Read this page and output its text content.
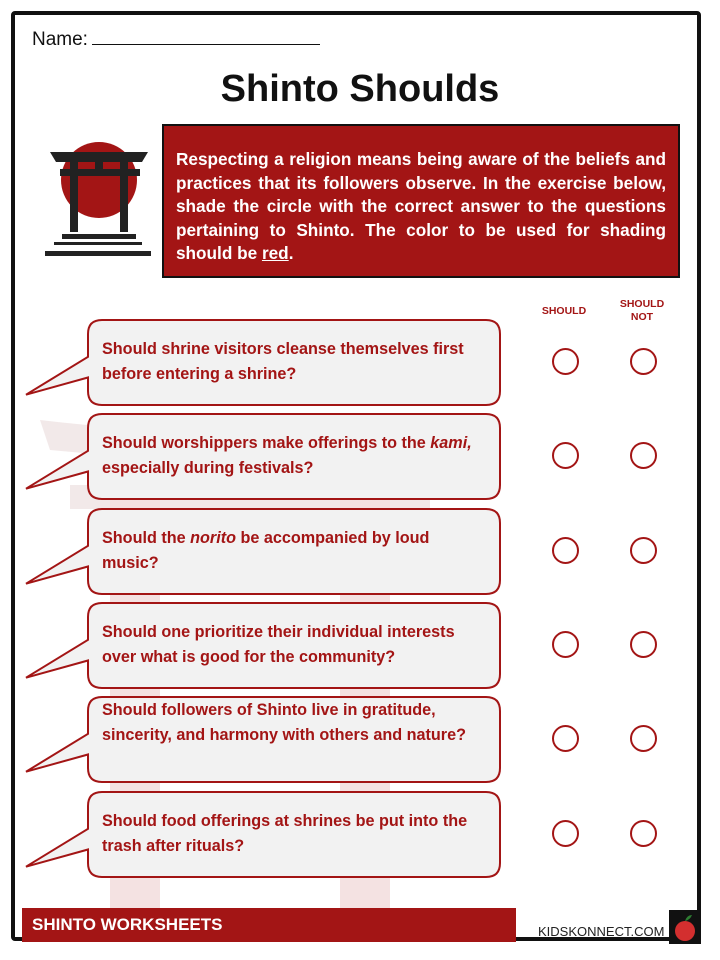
Name:
Shinto Shoulds
Respecting a religion means being aware of the beliefs and practices that its followers observe. In the exercise below, shade the circle with the correct answer to the questions pertaining to Shinto. The color to be used for shading should be red.
SHOULD
SHOULD
NOT
Should shrine visitors cleanse themselves first before entering a shrine?
Should worshippers make offerings to the kami, especially during festivals?
Should the norito be accompanied by loud music?
Should one prioritize their individual interests over what is good for the community?
Should followers of Shinto live in gratitude, sincerity, and harmony with others and nature?
Should food offerings at shrines be put into the trash after rituals?
SHINTO WORKSHEETS	KIDSKONNECT.COM
